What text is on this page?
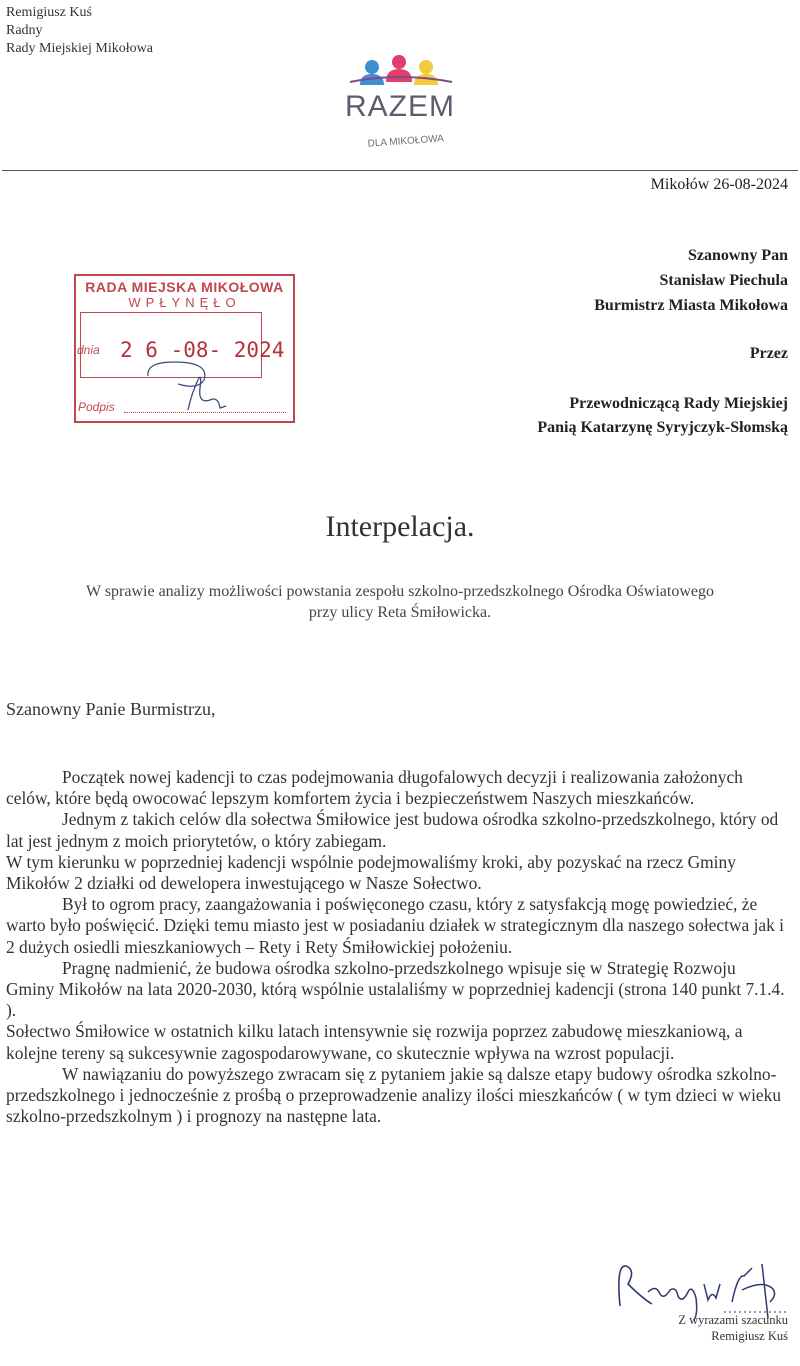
Remigiusz Kuś
Radny
Rady Miejskiej Mikołowa
RAZEM
DLA MIKOŁOWA
Mikołów 26-08-2024
Szanowny Pan
Stanisław Piechula
Burmistrz Miasta Mikołowa
Przez
Przewodniczącą Rady Miejskiej
Panią Katarzynę Syryjczyk-Słomską
RADA MIEJSKA MIKOŁOWA
WPŁYNĘŁO
dnia 2 6 -08- 2024
Podpis
Interpelacja.
W sprawie analizy możliwości powstania zespołu szkolno-przedszkolnego Ośrodka Oświatowego
przy ulicy Reta Śmiłowicka.
Szanowny Panie Burmistrzu,

Początek nowej kadencji to czas podejmowania długofalowych decyzji i realizowania założonych celów, które będą owocować lepszym komfortem życia i bezpieczeństwem Naszych mieszkańców.

Jednym z takich celów dla sołectwa Śmiłowice jest budowa ośrodka szkolno-przedszkolnego, który od lat jest jednym z moich priorytetów, o który zabiegam.

W tym kierunku w poprzedniej kadencji wspólnie podejmowaliśmy kroki, aby pozyskać na rzecz Gminy Mikołów 2 działki od dewelopera inwestującego w Nasze Sołectwo.

Był to ogrom pracy, zaangażowania i poświęconego czasu, który z satysfakcją mogę powiedzieć, że warto było poświęcić. Dzięki temu miasto jest w posiadaniu działek w strategicznym dla naszego sołectwa jak i 2 dużych osiedli mieszkaniowych – Rety i Rety Śmiłowickiej położeniu.

Pragnę nadmienić, że budowa ośrodka szkolno-przedszkolnego wpisuje się w Strategię Rozwoju Gminy Mikołów na lata 2020-2030, którą wspólnie ustalaliśmy w poprzedniej kadencji (strona 140 punkt 7.1.4. ).

Sołectwo Śmiłowice w ostatnich kilku latach intensywnie się rozwija poprzez zabudowę mieszkaniową, a kolejne tereny są sukcesywnie zagospodarowywane, co skutecznie wpływa na wzrost populacji.

W nawiązaniu do powyższego zwracam się z pytaniem jakie są dalsze etapy budowy ośrodka szkolno-przedszkolnego i jednocześnie z prośbą o przeprowadzenie analizy ilości mieszkańców ( w tym dzieci w wieku szkolno-przedszkolnym ) i prognozy na następne lata.

Z wyrazami szacunku
Remigiusz Kuś
